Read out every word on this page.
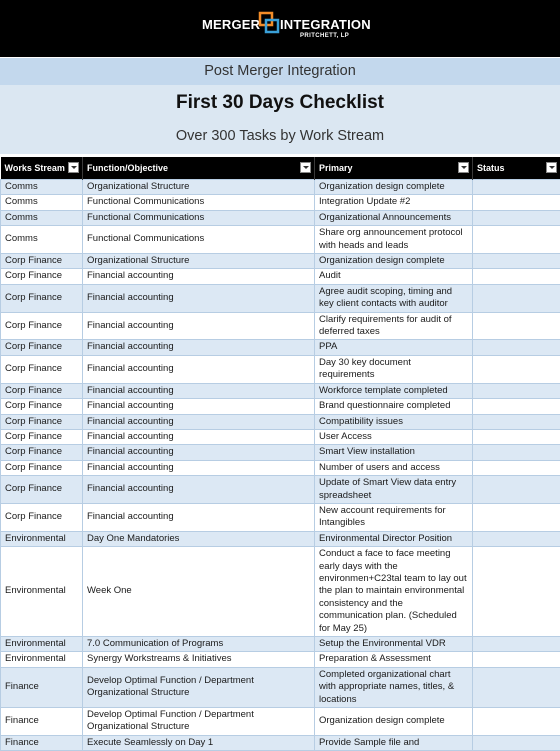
MERGER INTEGRATION
PRITCHETT, LP
Post Merger Integration
First 30 Days Checklist
Over 300 Tasks by Work Stream
Works Stream	Function/Objective	Primary	Status

Comms	Organizational Structure	Organization design complete	
Comms	Functional Communications	Integration Update #2	
Comms	Functional Communications	Organizational Announcements	
Comms	Functional Communications	Share org announcement protocol with heads and leads	
Corp Finance	Organizational Structure	Organization design complete	
Corp Finance	Financial accounting	Audit	
Corp Finance	Financial accounting	Agree audit scoping, timing and key client contacts with auditor	
Corp Finance	Financial accounting	Clarify requirements for audit of deferred taxes	
Corp Finance	Financial accounting	PPA	
Corp Finance	Financial accounting	Day 30 key document requirements	
Corp Finance	Financial accounting	Workforce template completed	
Corp Finance	Financial accounting	Brand questionnaire completed	
Corp Finance	Financial accounting	Compatibility issues	
Corp Finance	Financial accounting	User Access	
Corp Finance	Financial accounting	Smart View installation	
Corp Finance	Financial accounting	Number of users and access	
Corp Finance	Financial accounting	Update of Smart View data entry spreadsheet	
Corp Finance	Financial accounting	New account requirements for Intangibles	
Environmental	Day One Mandatories	Environmental Director Position	
Environmental	Week One	Conduct a face to face meeting early days with the environmen+C23tal team to lay out the plan to maintain environmental consistency and the communication plan. (Scheduled for May 25)	
Environmental	7.0 Communication of Programs	Setup the Environmental VDR	
Environmental	Synergy Workstreams & Initiatives	Preparation & Assessment	
Finance	Develop Optimal Function / Department Organizational Structure	Completed organizational chart with appropriate names, titles, & locations	
Finance	Develop Optimal Function / Department Organizational Structure	Organization design complete	
Finance	Execute Seamlessly on Day 1	Provide Sample file and	
